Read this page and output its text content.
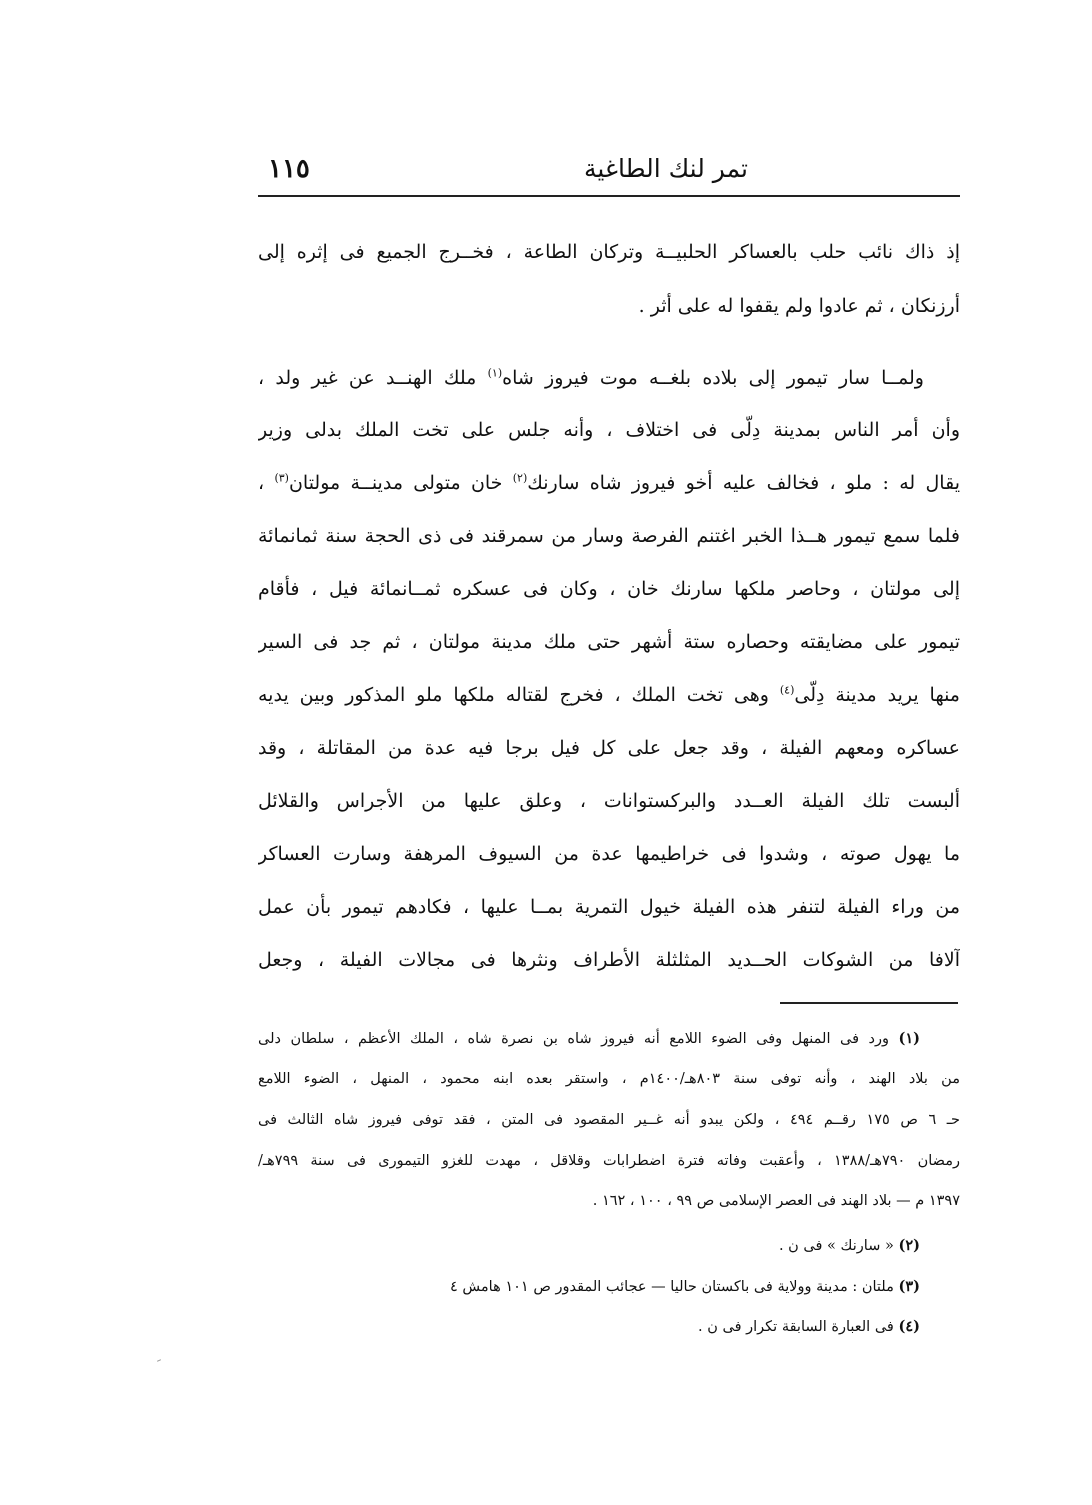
تمر لنك الطاغية
١١٥
إذ ذاك نائب حلب بالعساكر الحلبيــة وتركان الطاعة ، فخــرج الجميع فى إثره إلى
أرزنكان ، ثم عادوا ولم يقفوا له على أثر .
ولمــا سار تيمور إلى بلاده بلغــه موت فيروز شاه$^{(١)}$ ملك الهنــد عن غير ولد ،
وأن أمر الناس بمدينة دِلّى فى اختلاف ، وأنه جلس على تخت الملك بدلى وزير
يقال له : ملو ، فخالف عليه أخو فيروز شاه سارنك$^{(٢)}$ خان متولى مدينــة مولتان$^{(٣)}$ ،
فلما سمع تيمور هــذا الخبر اغتنم الفرصة وسار من سمرقند فى ذى الحجة سنة ثمانمائة
إلى مولتان ، وحاصر ملكها سارنك خان ، وكان فى عسكره ثمــانمائة فيل ، فأقام
تيمور على مضايقته وحصاره ستة أشهر حتى ملك مدينة مولتان ، ثم جد فى السير
منها يريد مدينة دِلّى$^{(٤)}$ وهى تخت الملك ، فخرج لقتاله ملكها ملو المذكور وبين يديه
عساكره ومعهم الفيلة ، وقد جعل على كل فيل برجا فيه عدة من المقاتلة ، وقد
ألبست تلك الفيلة العــدد والبركستوانات ، وعلق عليها من الأجراس والقلائل
ما يهول صوته ، وشدوا فى خراطيمها عدة من السيوف المرهفة وسارت العساكر
من وراء الفيلة لتنفر هذه الفيلة خيول التمرية بمــا عليها ، فكادهم تيمور بأن عمل
آلافا من الشوكات الحــديد المثلثلة الأطراف ونثرها فى مجالات الفيلة ، وجعل
(١) ورد فى المنهل وفى الضوء اللامع أنه فيروز شاه بن نصرة شاه ، الملك الأعظم ، سلطان دلى
من بلاد الهند ، وأنه توفى سنة ٨٠٣هـ/١٤٠٠م ، واستقر بعده ابنه محمود ، المنهل ، الضوء اللامع
حـ ٦ ص ١٧٥ رقــم ٤٩٤ ، ولكن يبدو أنه غــير المقصود فى المتن ، فقد توفى فيروز شاه الثالث فى
رمضان ٧٩٠هـ/١٣٨٨ ، وأعقبت وفاته فترة اضطرابات وقلاقل ، مهدت للغزو التيمورى فى سنة ٧٩٩هـ/
١٣٩٧ م — بلاد الهند فى العصر الإسلامى ص ٩٩ ، ١٠٠ ، ١٦٢ .
(٢) « سارنك » فى ن .
(٣) ملتان : مدينة وولاية فى باكستان حاليا — عجائب المقدور ص ١٠١ هامش ٤
(٤) فى العبارة السابقة تكرار فى ن .
